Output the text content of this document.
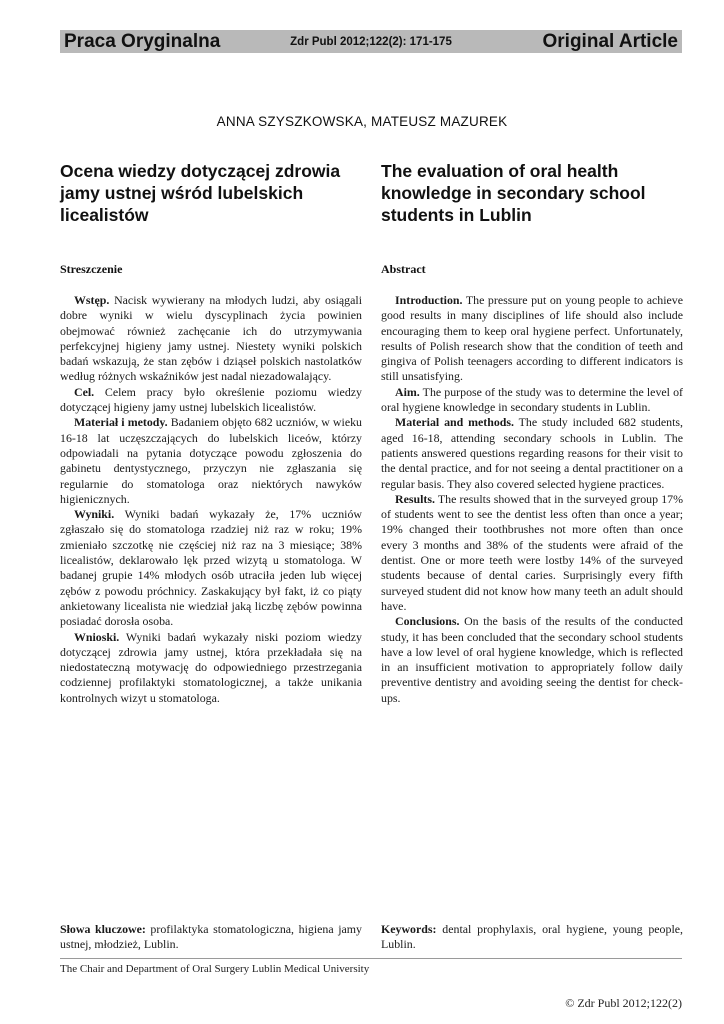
Praca Oryginalna	Zdr Publ 2012;122(2): 171-175	Original Article
ANNA SZYSZKOWSKA, MATEUSZ MAZUREK
Ocena wiedzy dotyczącej zdrowia jamy ustnej wśród lubelskich licealistów
The evaluation of oral health knowledge in secondary school students in Lublin
Streszczenie	Abstract

Wstęp. Nacisk wywierany na młodych ludzi, aby osiągali dobre wyniki w wielu dyscyplinach życia powinien obejmować również zachęcanie ich do utrzymywania perfekcyjnej higieny jamy ustnej. Niestety wyniki polskich badań wskazują, że stan zębów i dziąseł polskich nastolatków według różnych wskaźników jest nadal niezadowalający.

Cel. Celem pracy było określenie poziomu wiedzy dotyczącej higieny jamy ustnej lubelskich licealistów.

Materiał i metody. Badaniem objęto 682 uczniów, w wieku 16-18 lat uczęszczających do lubelskich liceów, którzy odpowiadali na pytania dotyczące powodu zgłoszenia do gabinetu dentystycznego, przyczyn nie zgłaszania się regularnie do stomatologa oraz niektórych nawyków higienicznych.

Wyniki. Wyniki badań wykazały że, 17% uczniów zgłaszało się do stomatologa rzadziej niż raz w roku; 19% zmieniało szczotkę nie częściej niż raz na 3 miesiące; 38% licealistów, deklarowało lęk przed wizytą u stomatologa. W badanej grupie 14% młodych osób utraciła jeden lub więcej zębów z powodu próchnicy. Zaskakujący był fakt, iż co piąty ankietowany licealista nie wiedział jaką liczbę zębów powinna posiadać dorosła osoba.

Wnioski. Wyniki badań wykazały niski poziom wiedzy dotyczącej zdrowia jamy ustnej, która przekładała się na niedostateczną motywację do odpowiedniego przestrzegania codziennej profilaktyki stomatologicznej, a także unikania kontrolnych wizyt u stomatologa.

Introduction. The pressure put on young people to achieve good results in many disciplines of life should also include encouraging them to keep oral hygiene perfect. Unfortunately, results of Polish research show that the condition of teeth and gingiva of Polish teenagers according to different indicators is still unsatisfying.

Aim. The purpose of the study was to determine the level of oral hygiene knowledge in secondary students in Lublin.

Material and methods. The study included 682 students, aged 16-18, attending secondary schools in Lublin. The patients answered questions regarding reasons for their visit to the dental practice, and for not seeing a dental practitioner on a regular basis. They also covered selected hygiene practices.

Results. The results showed that in the surveyed group 17% of students went to see the dentist less often than once a year; 19% changed their toothbrushes not more often than once every 3 months and 38% of the students were afraid of the dentist. One or more teeth were lostby 14% of the surveyed students because of dental caries. Surprisingly every fifth surveyed student did not know how many teeth an adult should have.

Conclusions. On the basis of the results of the conducted study, it has been concluded that the secondary school students have a low level of oral hygiene knowledge, which is reflected in an insufficient motivation to appropriately follow daily preventive dentistry and avoiding seeing the dentist for check-ups.

Słowa kluczowe: profilaktyka stomatologiczna, higiena jamy ustnej, młodzież, Lublin.
Keywords: dental prophylaxis, oral hygiene, young people, Lublin.
The Chair and Department of Oral Surgery Lublin Medical University
© Zdr Publ 2012;122(2)
